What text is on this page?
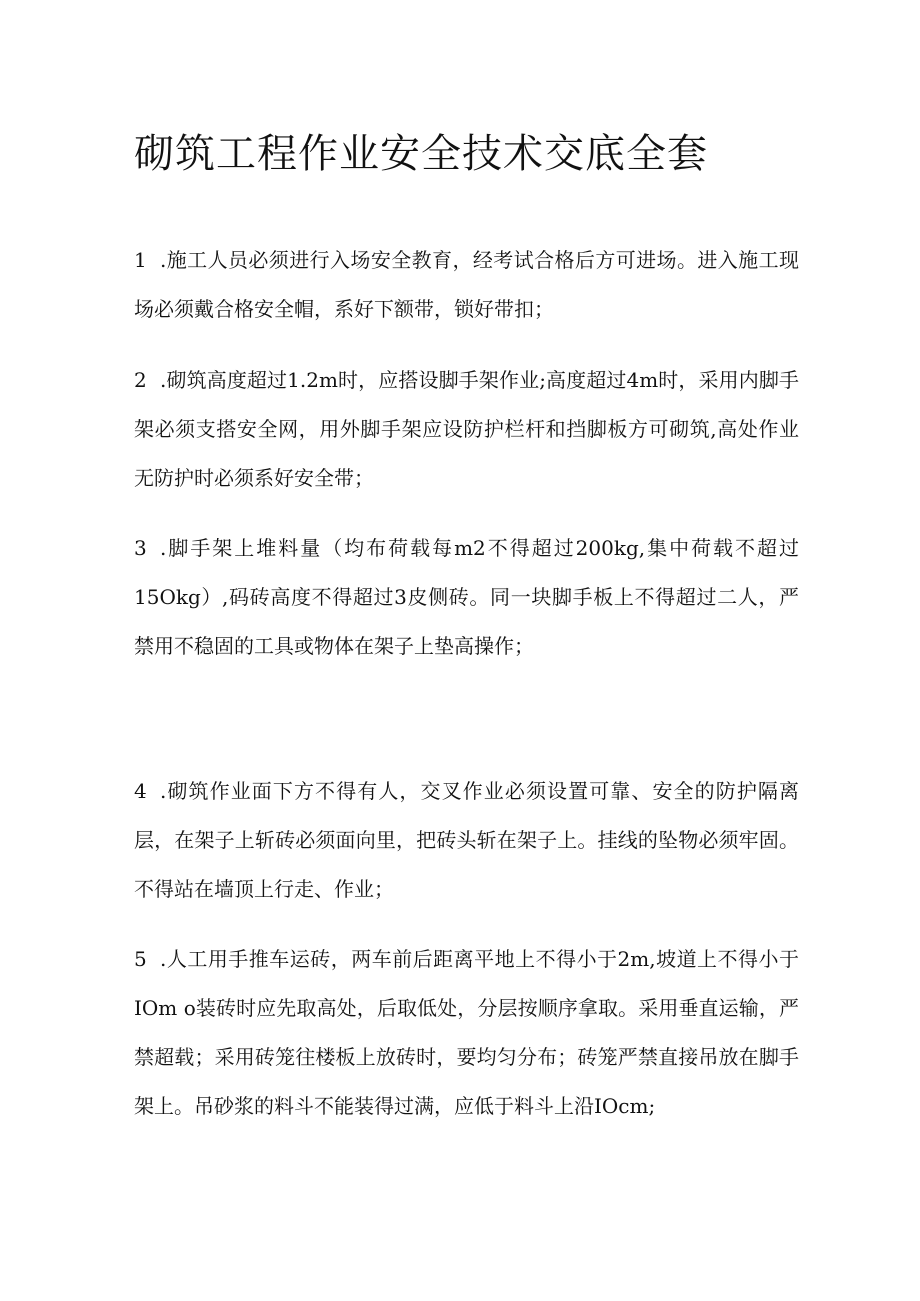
砌筑工程作业安全技术交底全套
1 .施工人员必须进行入场安全教育，经考试合格后方可进场。进入施工现场必须戴合格安全帽，系好下额带，锁好带扣；
2 .砌筑高度超过1.2m时，应搭设脚手架作业;高度超过4m时，采用内脚手架必须支搭安全网，用外脚手架应设防护栏杆和挡脚板方可砌筑,高处作业无防护时必须系好安全带；
3 .脚手架上堆料量（均布荷载每m2不得超过200kg,集中荷载不超过15Okg）,码砖高度不得超过3皮侧砖。同一块脚手板上不得超过二人，严禁用不稳固的工具或物体在架子上垫高操作；
4 .砌筑作业面下方不得有人，交叉作业必须设置可靠、安全的防护隔离层，在架子上斩砖必须面向里，把砖头斩在架子上。挂线的坠物必须牢固。不得站在墙顶上行走、作业；
5 .人工用手推车运砖，两车前后距离平地上不得小于2m,坡道上不得小于IOm o装砖时应先取高处，后取低处，分层按顺序拿取。采用垂直运输，严禁超载；采用砖笼往楼板上放砖时，要均匀分布；砖笼严禁直接吊放在脚手架上。吊砂浆的料斗不能装得过满，应低于料斗上沿IOcm;
